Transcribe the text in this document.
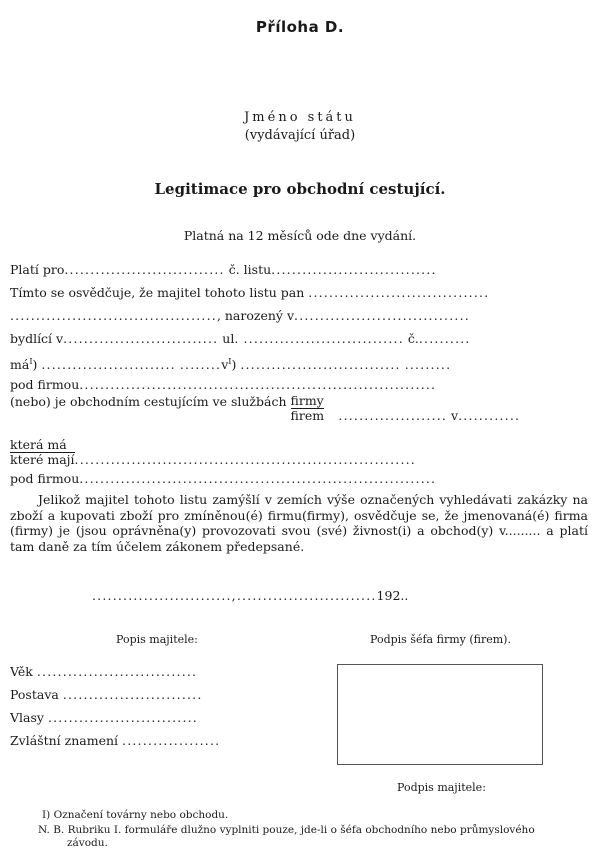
Příloha D.
Jméno státu
(vydávající úřad)
Legitimace pro obchodní cestující.
Platná na 12 měsíců ode dne vydání.
Platí pro............................... č. listu................................
Tímto se osvědčuje, že majitel tohoto listu pan ...................................
........................................, narozený v..................................
bydlící v.............................. ul. ............................... č...........
$má^I$) .......................... $........v^I$) ............................... .........
pod firmou.....................................................................
(nebo) je obchodním cestujícím ve službách $\frac{\text{firmy}}{\text{firem}}$ ..................... v............
$\frac{\text{která má}}{\text{které mají}}$ ..................................................................
pod firmou.....................................................................
Jelikož majitel tohoto listu zamýšlí v zemích výše označených vyhledávati zakázky na zboží a kupovati zboží pro zmíněnou(é) firmu(firmy), osvědčuje se, že jmenovaná(é) firma (firmy) je (jsou oprávněna(y) provozovati svou (své) živnost(i) a obchod(y) v......... a platí tam daně za tím účelem zákonem předepsané.
...........................,...........................192..
Popis majitele:
Věk ...............................
Postava ...........................
Vlasy .............................
Zvláštní znamení ...................
Podpis šéfa firmy (firem).
Podpis majitele:
I) Označení továrny nebo obchodu.
N. B. Rubriku I. formuláře dlužno vyplniti pouze, jde-li o šéfa obchodního nebo průmyslového
závodu.
